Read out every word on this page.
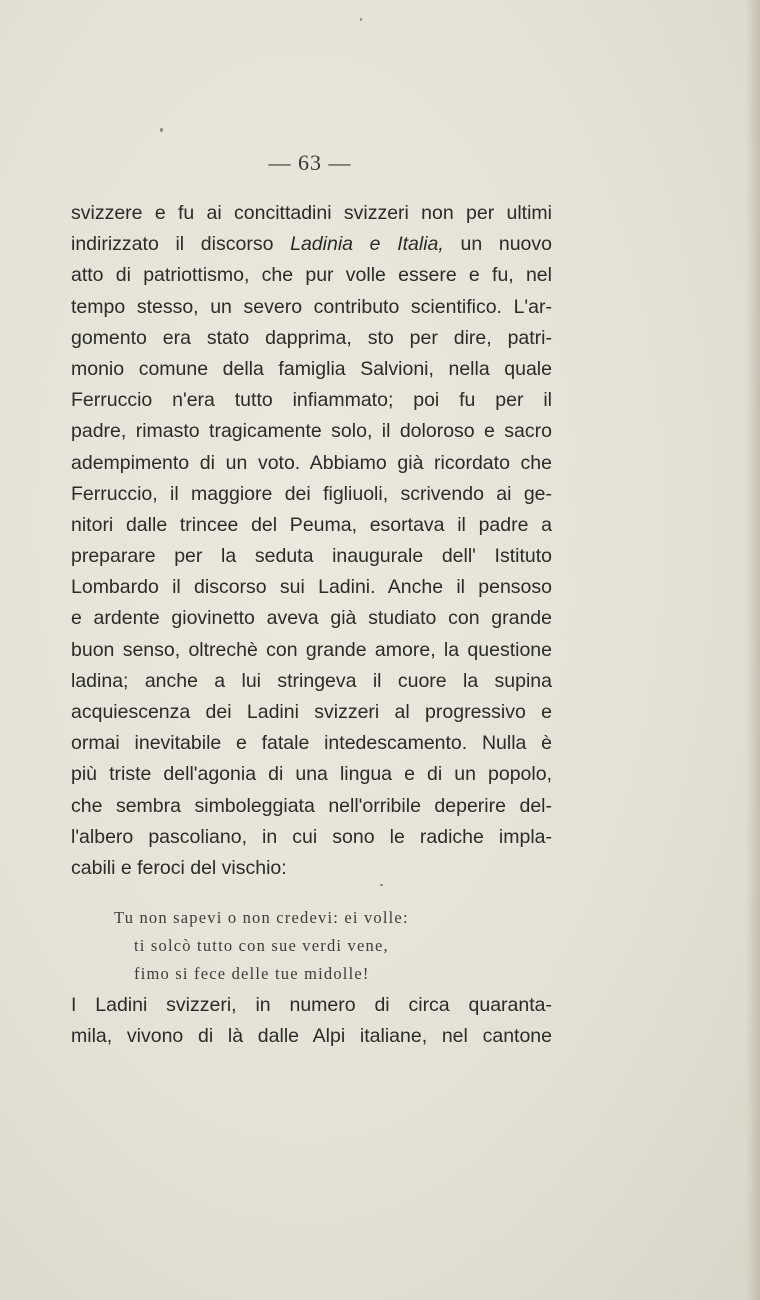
— 63 —
svizzere e fu ai concittadini svizzeri non per ultimi
indirizzato il discorso Ladinia e Italia, un nuovo
atto di patriottismo, che pur volle essere e fu, nel
tempo stesso, un severo contributo scientifico. L'ar-
gomento era stato dapprima, sto per dire, patri-
monio comune della famiglia Salvioni, nella quale
Ferruccio n'era tutto infiammato; poi fu per il
padre, rimasto tragicamente solo, il doloroso e sacro
adempimento di un voto. Abbiamo già ricordato che
Ferruccio, il maggiore dei figliuoli, scrivendo ai ge-
nitori dalle trincee del Peuma, esortava il padre a
preparare per la seduta inaugurale dell' Istituto
Lombardo il discorso sui Ladini. Anche il pensoso
e ardente giovinetto aveva già studiato con grande
buon senso, oltrechè con grande amore, la questione
ladina; anche a lui stringeva il cuore la supina
acquiescenza dei Ladini svizzeri al progressivo e
ormai inevitabile e fatale intedescamento. Nulla è
più triste dell'agonia di una lingua e di un popolo,
che sembra simboleggiata nell'orribile deperire del-
l'albero pascoliano, in cui sono le radiche impla-
cabili e feroci del vischio:
Tu non sapevi o non credevi: ei volle:
ti solcò tutto con sue verdi vene,
fimo si fece delle tue midolle!
I Ladini svizzeri, in numero di circa quaranta-
mila, vivono di là dalle Alpi italiane, nel cantone
